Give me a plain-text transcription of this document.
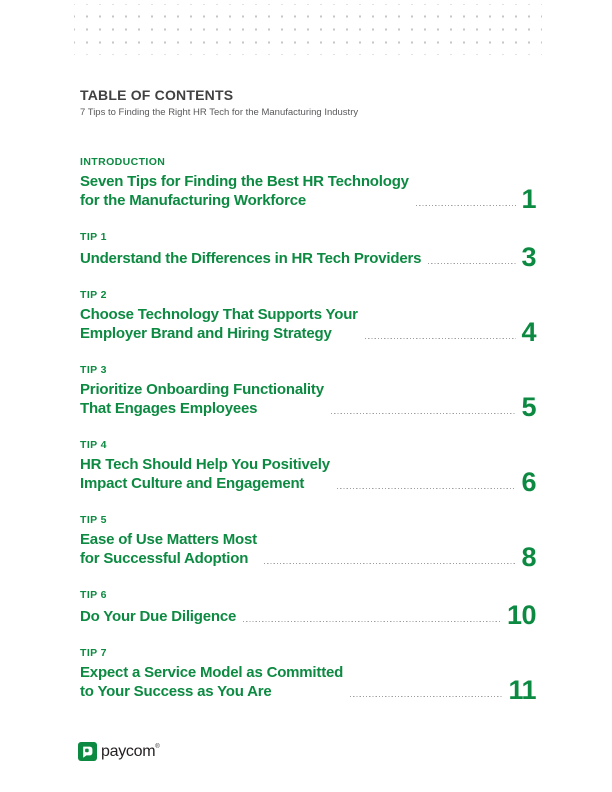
TABLE OF CONTENTS
7 Tips to Finding the Right HR Tech for the Manufacturing Industry
INTRODUCTION
Seven Tips for Finding the Best HR Technology
for the Manufacturing Workforce	1
TIP 1
Understand the Differences in HR Tech Providers	3
TIP 2
Choose Technology That Supports Your
Employer Brand and Hiring Strategy	4
TIP 3
Prioritize Onboarding Functionality
That Engages Employees	5
TIP 4
HR Tech Should Help You Positively
Impact Culture and Engagement	6
TIP 5
Ease of Use Matters Most
for Successful Adoption	8
TIP 6
Do Your Due Diligence	10
TIP 7
Expect a Service Model as Committed
to Your Success as You Are	11
paycom®
